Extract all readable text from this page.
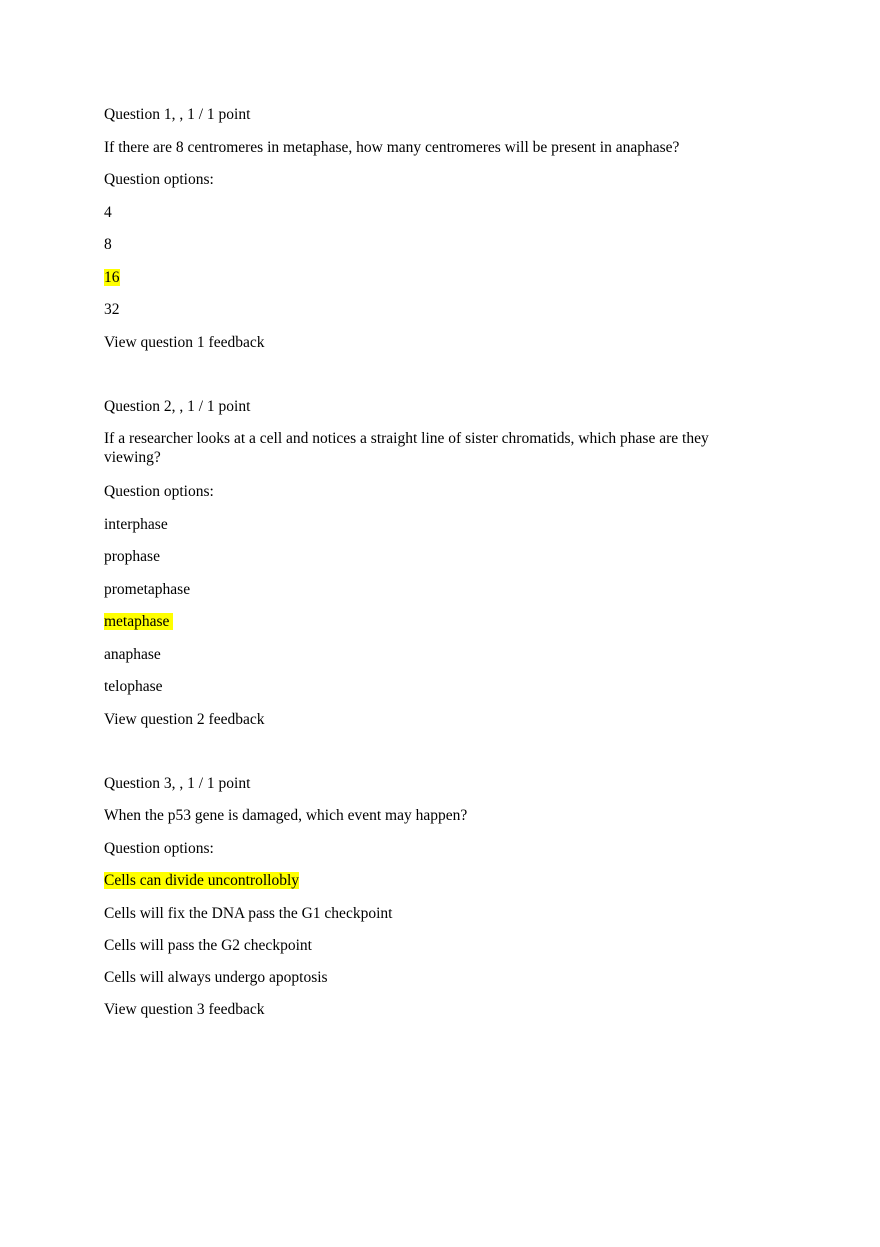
Question 1, , 1 / 1 point
If there are 8 centromeres in metaphase, how many centromeres will be present in anaphase?
Question options:
4
8
16
32
View question 1 feedback
Question 2, , 1 / 1 point
If a researcher looks at a cell and notices a straight line of sister chromatids, which phase are they viewing?
Question options:
interphase
prophase
prometaphase
metaphase
anaphase
telophase
View question 2 feedback
Question 3, , 1 / 1 point
When the p53 gene is damaged, which event may happen?
Question options:
Cells can divide uncontrollobly
Cells will fix the DNA pass the G1 checkpoint
Cells will pass the G2 checkpoint
Cells will always undergo apoptosis
View question 3 feedback
